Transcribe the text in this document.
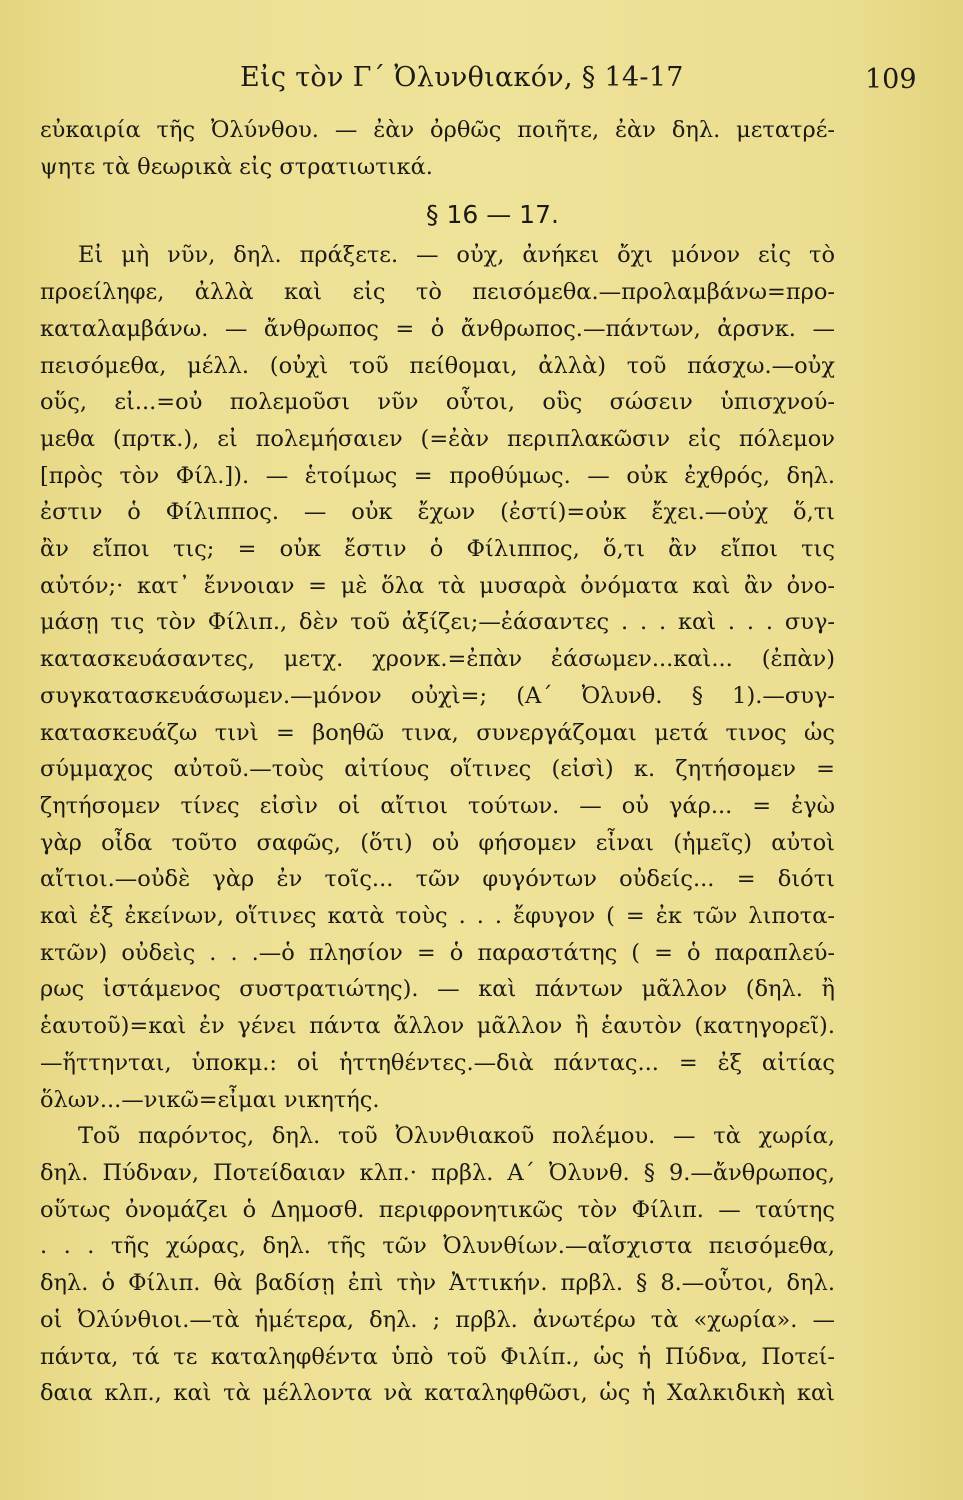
Εἰς τὸν Γ΄ Ὀλυνθιακόν, § 14-17	109
εὐκαιρία τῆς Ὀλύνθου. — ἐὰν ὀρθῶς ποιῆτε, ἐὰν δηλ. μετατρέ-
ψητε τὰ θεωρικὰ εἰς στρατιωτικά.
§ 16 — 17.
Εἰ μὴ νῦν, δηλ. πράξετε. — οὐχ, ἀνήκει ὄχι μόνον εἰς τὸ
προείληφε, ἀλλὰ καὶ εἰς τὸ πεισόμεθα.—προλαμβάνω=προ-
καταλαμβάνω. — ἄνθρωπος = ὁ ἄνθρωπος.—πάντων, ἀρσνκ. —
πεισόμεθα, μέλλ. (οὐχὶ τοῦ πείθομαι, ἀλλὰ) τοῦ πάσχω.—οὐχ
οὕς, εἰ...=οὐ πολεμοῦσι νῦν οὗτοι, οὓς σώσειν ὑπισχνού-
μεθα (πρτκ.), εἰ πολεμήσαιεν (=ἐὰν περιπλακῶσιν εἰς πόλεμον
[πρὸς τὸν Φίλ.]). — ἑτοίμως = προθύμως. — οὐκ ἐχθρός, δηλ.
ἐστιν ὁ Φίλιππος. — οὐκ ἔχων (ἐστί)=οὐκ ἔχει.—οὐχ ὅ,τι
ἂν εἴποι τις; = οὐκ ἔστιν ὁ Φίλιππος, ὅ,τι ἂν εἴποι τις
αὐτόν;· κατ᾽ ἔννοιαν = μὲ ὅλα τὰ μυσαρὰ ὀνόματα καὶ ἂν ὀνο-
μάσῃ τις τὸν Φίλιπ., δὲν τοῦ ἀξίζει;—ἐάσαντες . . . καὶ . . . συγ-
κατασκευάσαντες, μετχ. χρονκ.=ἐπὰν ἐάσωμεν...καὶ... (ἐπὰν)
συγκατασκευάσωμεν.—μόνον οὐχὶ=; (Α΄ Ὀλυνθ. § 1).—συγ-
κατασκευάζω τινὶ = βοηθῶ τινα, συνεργάζομαι μετά τινος ὡς
σύμμαχος αὐτοῦ.—τοὺς αἰτίους οἵτινες (εἰσὶ) κ. ζητήσομεν =
ζητήσομεν τίνες εἰσὶν οἱ αἴτιοι τούτων. — οὐ γάρ... = ἐγὼ
γὰρ οἶδα τοῦτο σαφῶς, (ὅτι) οὐ φήσομεν εἶναι (ἡμεῖς) αὐτοὶ
αἴτιοι.—οὐδὲ γὰρ ἐν τοῖς... τῶν φυγόντων οὐδείς... = διότι
καὶ ἐξ ἐκείνων, οἵτινες κατὰ τοὺς . . . ἔφυγον ( = ἐκ τῶν λιποτα-
κτῶν) οὐδεὶς . . .—ὁ πλησίον = ὁ παραστάτης ( = ὁ παραπλεύ-
ρως ἱστάμενος συστρατιώτης). — καὶ πάντων μᾶλλον (δηλ. ἢ
ἑαυτοῦ)=καὶ ἐν γένει πάντα ἄλλον μᾶλλον ἢ ἑαυτὸν (κατηγορεῖ).
—ἥττηνται, ὑποκμ.: οἱ ἡττηθέντες.—διὰ πάντας... = ἐξ αἰτίας
ὅλων...—νικῶ=εἶμαι νικητής.
Τοῦ παρόντος, δηλ. τοῦ Ὀλυνθιακοῦ πολέμου. — τὰ χωρία,
δηλ. Πύδναν, Ποτείδαιαν κλπ.· πρβλ. Α΄ Ὀλυνθ. § 9.—ἄνθρωπος,
οὕτως ὀνομάζει ὁ Δημοσθ. περιφρονητικῶς τὸν Φίλιπ. — ταύτης
. . . τῆς χώρας, δηλ. τῆς τῶν Ὀλυνθίων.—αἴσχιστα πεισόμεθα,
δηλ. ὁ Φίλιπ. θὰ βαδίσῃ ἐπὶ τὴν Ἀττικήν. πρβλ. § 8.—οὗτοι, δηλ.
οἱ Ὀλύνθιοι.—τὰ ἡμέτερα, δηλ. ; πρβλ. ἀνωτέρω τὰ «χωρία». —
πάντα, τά τε καταληφθέντα ὑπὸ τοῦ Φιλίπ., ὡς ἡ Πύδνα, Ποτεί-
δαια κλπ., καὶ τὰ μέλλοντα νὰ καταληφθῶσι, ὡς ἡ Χαλκιδικὴ καὶ
